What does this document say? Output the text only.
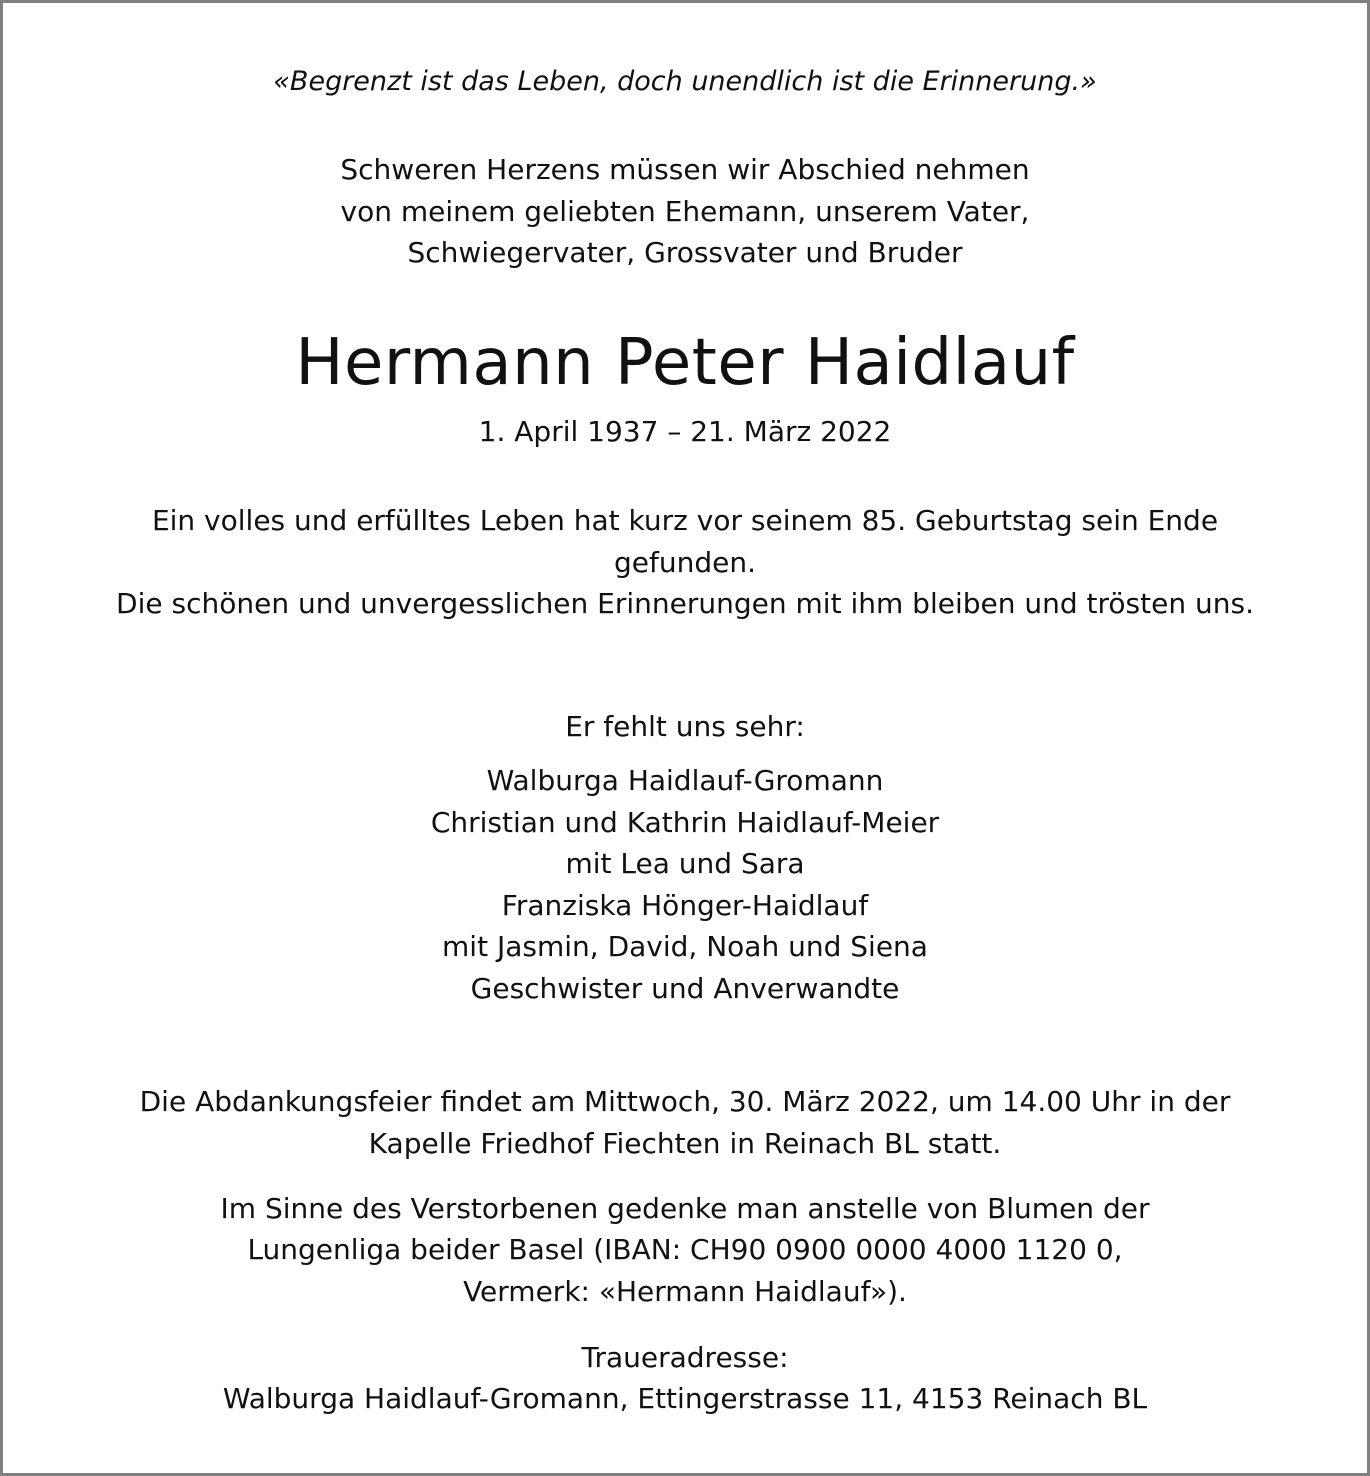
«Begrenzt ist das Leben, doch unendlich ist die Erinnerung.»

Schweren Herzens müssen wir Abschied nehmen

von meinem geliebten Ehemann, unserem Vater,

Schwiegervater, Grossvater und Bruder

Hermann Peter Haidlauf

1. April 1937 – 21. März 2022

Ein volles und erfülltes Leben hat kurz vor seinem 85. Geburtstag sein Ende

gefunden.

Die schönen und unvergesslichen Erinnerungen mit ihm bleiben und trösten uns.

Er fehlt uns sehr:

Walburga Haidlauf-Gromann

Christian und Kathrin Haidlauf-Meier

mit Lea und Sara

Franziska Hönger-Haidlauf

mit Jasmin, David, Noah und Siena

Geschwister und Anverwandte

Die Abdankungsfeier findet am Mittwoch, 30. März 2022, um 14.00 Uhr in der

Kapelle Friedhof Fiechten in Reinach BL statt.

Im Sinne des Verstorbenen gedenke man anstelle von Blumen der

Lungenliga beider Basel (IBAN: CH90 0900 0000 4000 1120 0,

Vermerk: «Hermann Haidlauf»).

Traueradresse:

Walburga Haidlauf-Gromann, Ettingerstrasse 11, 4153 Reinach BL
